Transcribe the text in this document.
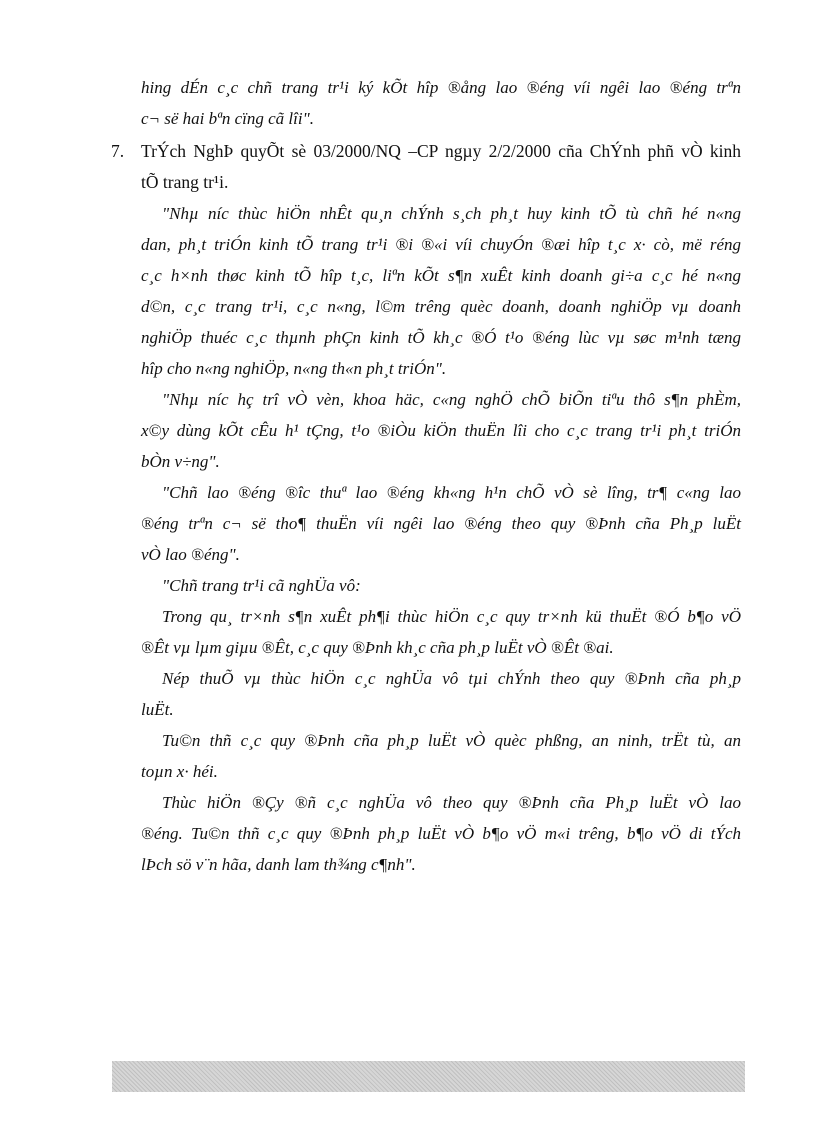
hing dÉn c¸c chñ trang tr¹i ký kÕt hîp ®ång lao ®éng víi ngêi lao ®éng trªn
c¬ së hai bªn cïng cã lîi".
7. TrÝch NghÞ quyÕt sè 03/2000/NQ –CP ngµy 2/2/2000 cña ChÝnh phñ vÒ kinh
tÕ trang tr¹i.
"Nhµ níc thùc hiÖn nhÊt qu¸n chÝnh s¸ch ph¸t huy kinh tÕ tù chñ hé n«ng
dan, ph¸t triÓn kinh tÕ trang tr¹i ®i ®«i víi chuyÓn ®æi hîp t¸c x· cò, më réng
c¸c h×nh thøc kinh tÕ hîp t¸c, liªn kÕt s¶n xuÊt kinh doanh gi÷a c¸c hé n«ng
d©n, c¸c trang tr¹i, c¸c n«ng, l©m trêng quèc doanh, doanh nghiÖp vµ doanh
nghiÖp thuéc c¸c thµnh phÇn kinh tÕ kh¸c ®Ó t¹o ®éng lùc vµ søc m¹nh tæng
hîp cho n«ng nghiÖp, n«ng th«n ph¸t triÓn".
"Nhµ níc hç trî vÒ vèn, khoa häc, c«ng nghÖ chÕ biÕn tiªu thô s¶n phÈm,
x©y dùng kÕt cÊu h¹ tÇng, t¹o ®iÒu kiÖn thuËn lîi cho c¸c trang tr¹i ph¸t triÓn
bÒn v÷ng".
"Chñ lao ®éng ®îc thuª lao ®éng kh«ng h¹n chÕ vÒ sè lîng, tr¶ c«ng lao
®éng trªn c¬ së tho¶ thuËn víi ngêi lao ®éng theo quy ®Þnh cña Ph¸p luËt
vÒ lao ®éng".
"Chñ trang tr¹i cã nghÜa vô:
Trong qu¸ tr×nh s¶n xuÊt ph¶i thùc hiÖn c¸c quy tr×nh kü thuËt ®Ó b¶o vÖ
®Êt vµ lµm giµu ®Êt, c¸c quy ®Þnh kh¸c cña ph¸p luËt vÒ ®Êt ®ai.
Nép thuÕ vµ thùc hiÖn c¸c nghÜa vô tµi chÝnh theo quy ®Þnh cña ph¸p
luËt.
Tu©n thñ c¸c quy ®Þnh cña ph¸p luËt vÒ quèc phßng, an ninh, trËt tù, an
toµn x· héi.
Thùc hiÖn ®Çy ®ñ c¸c nghÜa vô theo quy ®Þnh cña Ph¸p luËt vÒ lao
®éng. Tu©n thñ c¸c quy ®Þnh ph¸p luËt vÒ b¶o vÖ m«i trêng, b¶o vÖ di tÝch
lÞch sö v¨n hãa, danh lam th¾ng c¶nh".
